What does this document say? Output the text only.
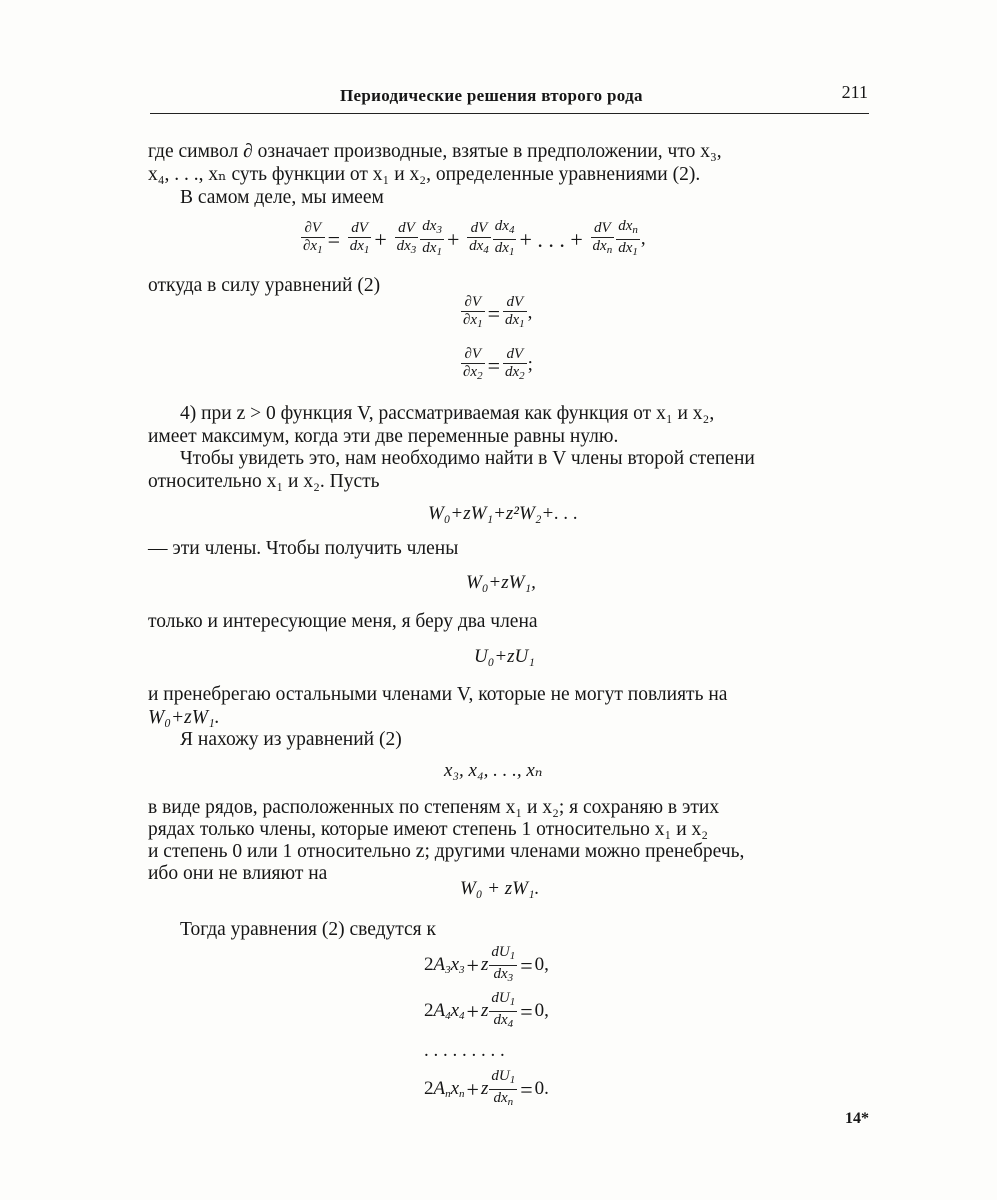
Периодические решения второго рода	211
где символ ∂ означает производные, взятые в предположении, что x₃,
x₄, . . ., xₙ суть функции от x₁ и x₂, определенные уравнениями (2).
В самом деле, мы имеем
$\frac{\partial V}{\partial x_1} = \frac{dV}{dx_1} + \frac{dV}{dx_3} \frac{dx_3}{dx_1} + \frac{dV}{dx_4} \frac{dx_4}{dx_1}$ + . . . + $\frac{dV}{dx_n} \frac{dx_n}{dx_1}$ ,
откуда в силу уравнений (2)
$\frac{\partial V}{\partial x_1} = \frac{dV}{dx_1}$ ,
$\frac{\partial V}{\partial x_2} = \frac{dV}{dx_2}$ ;
4) при z > 0 функция V, рассматриваемая как функция от x₁ и x₂,
имеет максимум, когда эти две переменные равны нулю.
Чтобы увидеть это, нам необходимо найти в V члены второй степени
относительно x₁ и x₂. Пусть
W₀+zW₁+z²W₂+. . .
— эти члены. Чтобы получить члены
W₀+zW₁,
только и интересующие меня, я беру два члена
U₀+zU₁
и пренебрегаю остальными членами V, которые не могут повлиять на
W₀+zW₁.
Я нахожу из уравнений (2)
x₃, x₄, . . ., xₙ
в виде рядов, расположенных по степеням x₁ и x₂; я сохраняю в этих
рядах только члены, которые имеют степень 1 относительно x₁ и x₂
и степень 0 или 1 относительно z; другими членами можно пренебречь,
ибо они не влияют на
W₀ + zW₁.
Тогда уравнения (2) сведутся к
$2A_3x_3+ z \frac{dU_1}{dx_3} = 0$,
$2A_4x_4+ z \frac{dU_1}{dx_4} = 0$,
. . . . . . . . .
$2A_nx_n+ z \frac{dU_1}{dx_n} = 0$.
14*
